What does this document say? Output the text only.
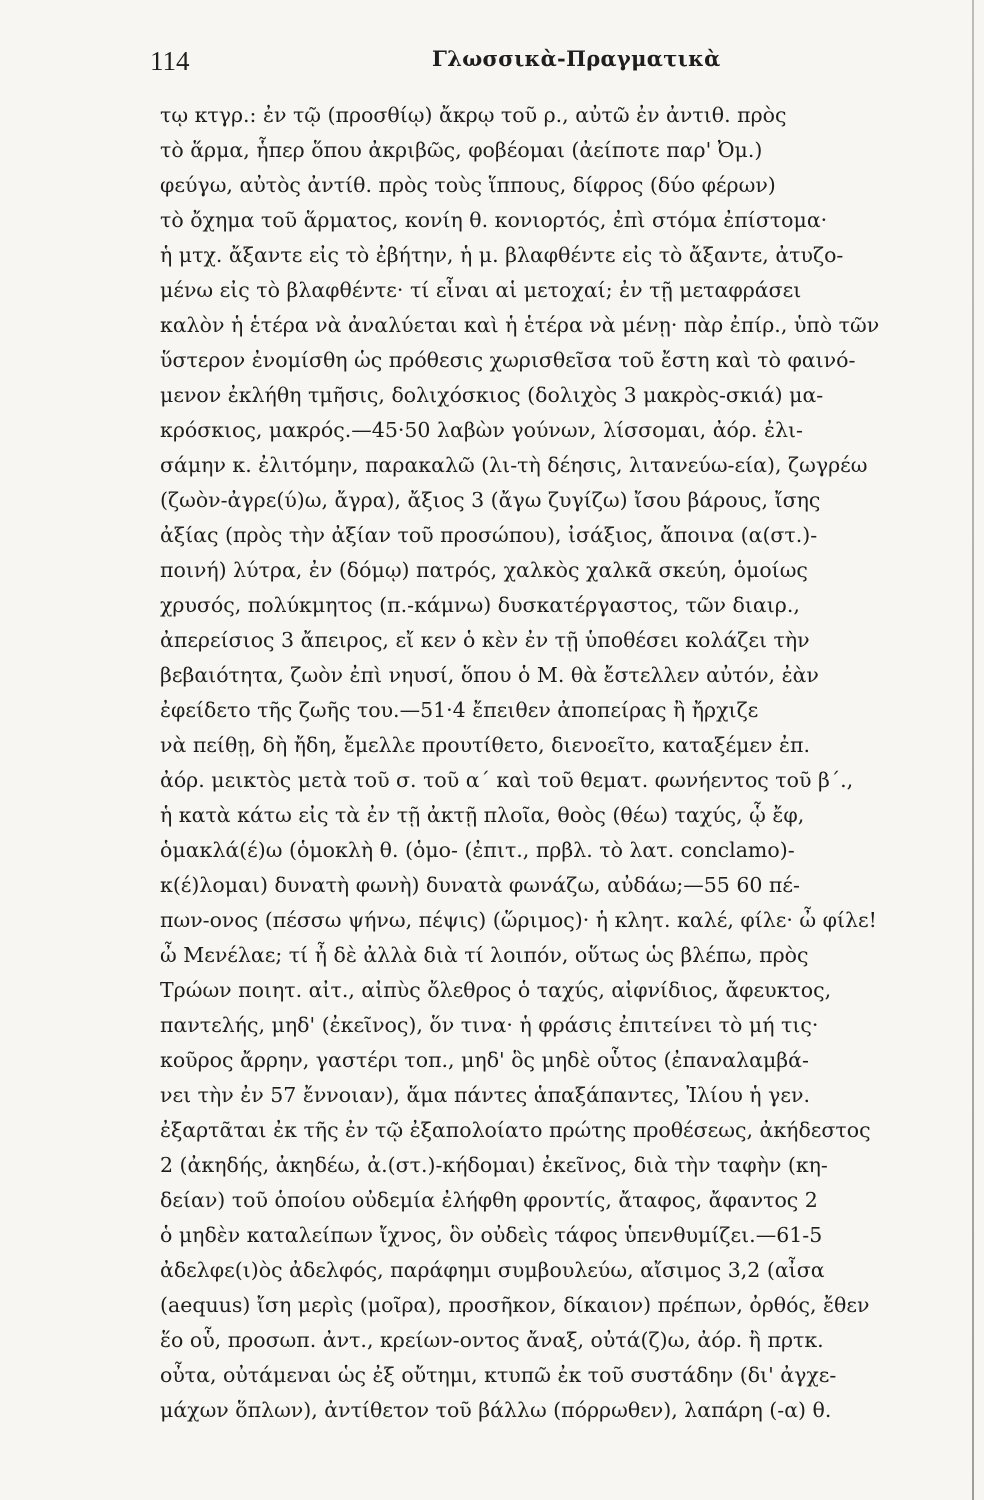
114	Γλωσσικὰ-Πραγματικὰ
τῳ κτγρ.: ἐν τῷ (προσθίῳ) ἄκρῳ τοῦ ρ., αὐτῶ ἐν ἀντιθ. πρὸς
τὸ ἅρμα, ἧπερ ὅπου ἀκριβῶς, φοβέομαι (ἀείποτε παρ' Ὀμ.)
φεύγω, αὐτὸς ἀντίθ. πρὸς τοὺς ἵππους, δίφρος (δύο φέρων)
τὸ ὄχημα τοῦ ἅρματος, κονίη θ. κονιορτός, ἐπὶ στόμα ἐπίστομα·
ἡ μτχ. ἄξαντε εἰς τὸ ἐβήτην, ἡ μ. βλαφθέντε εἰς τὸ ἄξαντε, ἀτυζο-
μένω εἰς τὸ βλαφθέντε· τί εἶναι αἱ μετοχαί; ἐν τῇ μεταφράσει
καλὸν ἡ ἑτέρα νὰ ἀναλύεται καὶ ἡ ἑτέρα νὰ μένῃ· πὰρ ἐπίρ., ὑπὸ τῶν
ὕστερον ἐνομίσθη ὡς πρόθεσις χωρισθεῖσα τοῦ ἔστη καὶ τὸ φαινό-
μενον ἐκλήθη τμῆσις, δολιχόσκιος (δολιχὸς 3 μακρὸς-σκιά) μα-
κρόσκιος, μακρός.—45·50 λαβὼν γούνων, λίσσομαι, ἀόρ. ἐλι-
σάμην κ. ἐλιτόμην, παρακαλῶ (λι-τὴ δέησις, λιτανεύω-εία), ζωγρέω
(ζωὸν-ἀγρε(ύ)ω, ἄγρα), ἄξιος 3 (ἄγω ζυγίζω) ἴσου βάρους, ἴσης
ἀξίας (πρὸς τὴν ἀξίαν τοῦ προσώπου), ἰσάξιος, ἄποινα (α(στ.)-
ποινή) λύτρα, ἐν (δόμῳ) πατρός, χαλκὸς χαλκᾶ σκεύη, ὁμοίως
χρυσός, πολύκμητος (π.-κάμνω) δυσκατέργαστος, τῶν διαιρ.,
ἀπερείσιος 3 ἄπειρος, εἴ κεν ὁ κὲν ἐν τῇ ὑποθέσει κολάζει τὴν
βεβαιότητα, ζωὸν ἐπὶ νηυσί, ὅπου ὁ Μ. θὰ ἔστελλεν αὐτόν, ἐὰν
ἐφείδετο τῆς ζωῆς του.—51·4 ἔπειθεν ἀποπείρας ἢ ἤρχιζε
νὰ πείθῃ, δὴ ἤδη, ἔμελλε προυτίθετο, διενοεῖτο, καταξέμεν ἐπ.
ἀόρ. μεικτὸς μετὰ τοῦ σ. τοῦ α΄ καὶ τοῦ θεματ. φωνήεντος τοῦ β΄.,
ἡ κατὰ κάτω εἰς τὰ ἐν τῇ ἀκτῇ πλοῖα, θοὸς (θέω) ταχύς, ᾧ ἔφ,
ὁμακλά(έ)ω (ὁμοκλὴ θ. (ὁμο- (ἐπιτ., πρβλ. τὸ λατ. conclamo)-
κ(έ)λομαι) δυνατὴ φωνὴ) δυνατὰ φωνάζω, αὐδάω;—55 60 πέ-
πων-ονος (πέσσω ψήνω, πέψις) (ὥριμος)· ἡ κλητ. καλέ, φίλε· ὦ φίλε!
ὦ Μενέλαε; τί ἦ δὲ ἀλλὰ διὰ τί λοιπόν, οὕτως ὡς βλέπω, πρὸς
Τρώων ποιητ. αἰτ., αἰπὺς ὄλεθρος ὁ ταχύς, αἰφνίδιος, ἄφευκτος,
παντελής, μηδ' (ἐκεῖνος), ὅν τινα· ἡ φράσις ἐπιτείνει τὸ μή τις·
κοῦρος ἄρρην, γαστέρι τοπ., μηδ' ὃς μηδὲ οὗτος (ἐπαναλαμβά-
νει τὴν ἐν 57 ἔννοιαν), ἅμα πάντες ἁπαξάπαντες, Ἰλίου ἡ γεν.
ἐξαρτᾶται ἐκ τῆς ἐν τῷ ἐξαπολοίατο πρώτης προθέσεως, ἀκήδεστος
2 (ἀκηδής, ἀκηδέω, ἀ.(στ.)-κήδομαι) ἐκεῖνος, διὰ τὴν ταφὴν (κη-
δείαν) τοῦ ὁποίου οὐδεμία ἐλήφθη φροντίς, ἄταφος, ἄφαντος 2
ὁ μηδὲν καταλείπων ἴχνος, ὃν οὐδεὶς τάφος ὑπενθυμίζει.—61-5
ἀδελφε(ι)ὸς ἀδελφός, παράφημι συμβουλεύω, αἴσιμος 3,2 (αἶσα
(aequus) ἴση μερὶς (μοῖρα), προσῆκον, δίκαιον) πρέπων, ὀρθός, ἔθεν
ἕο οὗ, προσωπ. ἀντ., κρείων-οντος ἄναξ, οὐτά(ζ)ω, ἀόρ. ἢ πρτκ.
οὖτα, οὐτάμεναι ὡς ἐξ οὔτημι, κτυπῶ ἐκ τοῦ συστάδην (δι' ἀγχε-
μάχων ὅπλων), ἀντίθετον τοῦ βάλλω (πόρρωθεν), λαπάρη (-α) θ.
